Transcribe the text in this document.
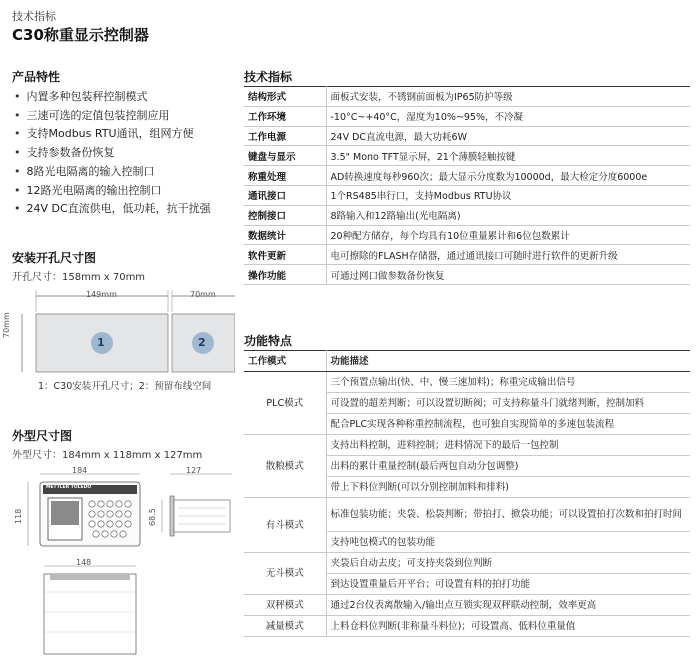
技术指标
C30称重显示控制器
产品特性
• 内置多种包装秤控制模式
• 三速可选的定值包装控制应用
• 支持Modbus RTU通讯，组网方便
• 支持参数备份恢复
• 8路光电隔离的输入控制口
• 12路光电隔离的输出控制口
• 24V DC直流供电，低功耗，抗干扰强
安装开孔尺寸图
开孔尺寸：158mm x 70mm
149mm	70mm
70mm
1	2
1：C30安装开孔尺寸；2：预留布线空间
外型尺寸图
外型尺寸：184mm x 118mm x 127mm
184
118
127
68.5
148
METTLER TOLEDO
技术指标
结构形式	面板式安装，不锈钢前面板为IP65防护等级
工作环境	-10°C~+40°C，湿度为10%~95%，不冷凝
工作电源	24V DC直流电源，最大功耗6W
键盘与显示	3.5" Mono TFT显示屏，21个薄膜轻触按键
称重处理	AD转换速度每秒960次；最大显示分度数为10000d，最大检定分度6000e
通讯接口	1个RS485串行口，支持Modbus RTU协议
控制接口	8路输入和12路输出(光电隔离)
数据统计	20种配方储存，每个均具有10位重量累计和6位包数累计
软件更新	电可擦除的FLASH存储器，通过通讯接口可随时进行软件的更新升级
操作功能	可通过网口做参数备份恢复
功能特点
工作模式	功能描述
PLC模式	三个预置点输出(快、中、慢三速加料)；称重完成输出信号
	可设置的超差判断；可以设置切断阀；可支持称量斗门就绪判断，控制加料
	配合PLC实现各种称重控制流程，也可独自实现简单的多速包装流程
散粮模式	支持出料控制，进料控制；进料情况下的最后一包控制
	出料的累计重量控制(最后两包自动分包调整)
	带上下料位判断(可以分别控制加料和排料)
有斗模式	标准包装功能；夹袋、松袋判断；带拍打、掀袋功能；可以设置拍打次数和拍打时间
	支持吨包模式的包装功能
无斗模式	夹袋后自动去皮；可支持夹袋到位判断
	到达设置重量后开平台；可设置有料的拍打功能
双秤模式	通过2台仪表离散输入/输出点互锁实现双秤联动控制，效率更高
减量模式	上料仓料位判断(非称量斗料位)；可设置高、低料位重量值
